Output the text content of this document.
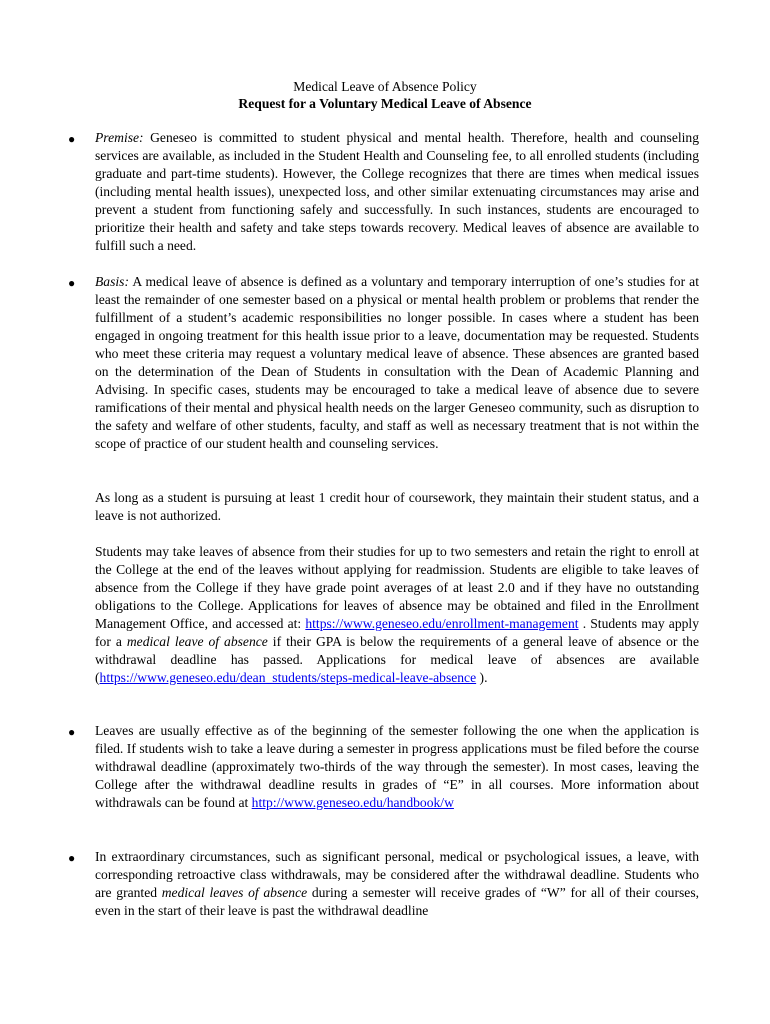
Medical Leave of Absence Policy
Request for a Voluntary Medical Leave of Absence
● Premise: Geneseo is committed to student physical and mental health. Therefore, health and counseling services are available, as included in the Student Health and Counseling fee, to all enrolled students (including graduate and part-time students). However, the College recognizes that there are times when medical issues (including mental health issues), unexpected loss, and other similar extenuating circumstances may arise and prevent a student from functioning safely and successfully. In such instances, students are encouraged to prioritize their health and safety and take steps towards recovery. Medical leaves of absence are available to fulfill such a need.
● Basis: A medical leave of absence is defined as a voluntary and temporary interruption of one’s studies for at least the remainder of one semester based on a physical or mental health problem or problems that render the fulfillment of a student’s academic responsibilities no longer possible. In cases where a student has been engaged in ongoing treatment for this health issue prior to a leave, documentation may be requested. Students who meet these criteria may request a voluntary medical leave of absence. These absences are granted based on the determination of the Dean of Students in consultation with the Dean of Academic Planning and Advising. In specific cases, students may be encouraged to take a medical leave of absence due to severe ramifications of their mental and physical health needs on the larger Geneseo community, such as disruption to the safety and welfare of other students, faculty, and staff as well as necessary treatment that is not within the scope of practice of our student health and counseling services.
As long as a student is pursuing at least 1 credit hour of coursework, they maintain their student status, and a leave is not authorized.
Students may take leaves of absence from their studies for up to two semesters and retain the right to enroll at the College at the end of the leaves without applying for readmission. Students are eligible to take leaves of absence from the College if they have grade point averages of at least 2.0 and if they have no outstanding obligations to the College. Applications for leaves of absence may be obtained and filed in the Enrollment Management Office, and accessed at: https://www.geneseo.edu/enrollment-management . Students may apply for a medical leave of absence if their GPA is below the requirements of a general leave of absence or the withdrawal deadline has passed. Applications for medical leave of absences are available (https://www.geneseo.edu/dean_students/steps-medical-leave-absence ).
● Leaves are usually effective as of the beginning of the semester following the one when the application is filed. If students wish to take a leave during a semester in progress applications must be filed before the course withdrawal deadline (approximately two-thirds of the way through the semester). In most cases, leaving the College after the withdrawal deadline results in grades of “E” in all courses. More information about withdrawals can be found at http://www.geneseo.edu/handbook/w
● In extraordinary circumstances, such as significant personal, medical or psychological issues, a leave, with corresponding retroactive class withdrawals, may be considered after the withdrawal deadline. Students who are granted medical leaves of absence during a semester will receive grades of “W” for all of their courses, even in the start of their leave is past the withdrawal deadline
